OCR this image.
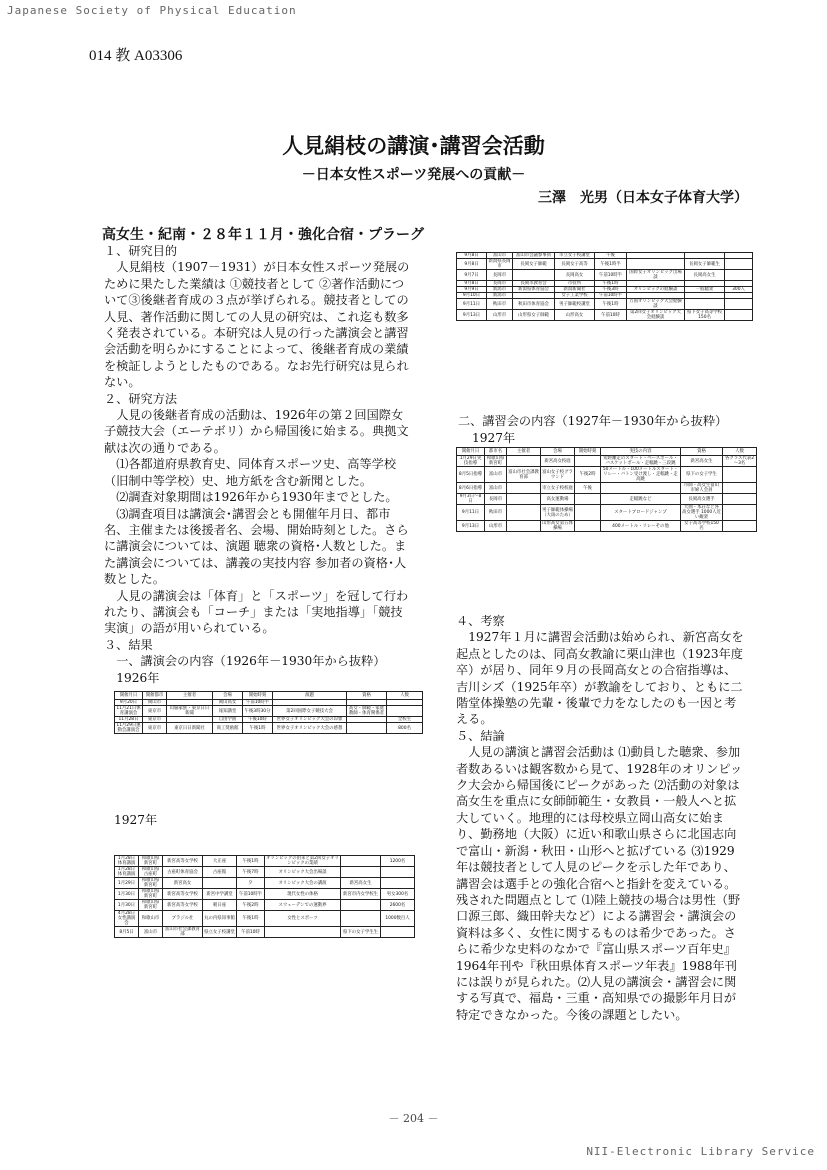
Japanese Society of Physical Education
014 教 A03306
人見絹枝の講演･講習会活動
－日本女性スポーツ発展への貢献－
三澤　光男（日本女子体育大学）
高女生・紀南・２８年１１月・強化合宿・プラーグ

１、研究目的

人見絹枝（1907－1931）が日本女性スポーツ発展のために果たした業績は ①競技者として ②著作活動について③後継者育成の３点が挙げられる。競技者としての人見、著作活動に関しての人見の研究は、これ迄も数多く発表されている。本研究は人見の行った講演会と講習会活動を明らかにすることによって、後継者育成の業績を検証しようとしたものである。なお先行研究は見られない。

２、研究方法

人見の後継者育成の活動は、1926年の第２回国際女子競技大会（エーテボリ）から帰国後に始まる。典拠文献は次の通りである。

⑴各都道府県教育史、同体育スポーツ史、高等学校（旧制中等学校）史、地方紙を含む新聞とした。

⑵調査対象期間は1926年から1930年までとした。

⑶調査項目は講演会･講習会とも開催年月日、都市名、主催または後援者名、会場、開始時刻とした。さらに講演会については、演題 聴衆の資格･人数とした。また講演会については、講義の実技内容 参加者の資格･人数とした。

人見の講演会は「体育」と「スポーツ」を冠して行われたり、講演会も「コーチ」または「実地指導」「競技実演」の語が用いられている。

３、結果

一、講演会の内容（1926年－1930年から抜粋）

1926年

開催月日	開催都市	主催者	会場	開始時刻	演題	資格	人数
9月20日	岡山市		岡山高女	午前10時半			
11月21日体育講演会	東京市	山脇家族・東京日日新聞	報知講堂	午後3時30分	第2回国際女子競技大会	高女・師範・家庭教師・体育関係者	
11月28日	東京市		自由学園	午後10時	世界女子オリンピック大会の印象		全校生
11月29日運動会講演会	東京市	東京日日新聞社	商工奨励館	午後1時	世界女子オリンピック大会の感想		800名
1927年
1月28日体育講演	和歌山県新宮町	新宮高等女学校	大正座	午後1時	オリンピックの由来と第2回女子オリンピックの業績		1200名
1月28日体育講演	和歌山県古座町	古座町体育協会	古座館	午後7時	オリンピック大会出場談		
1月29日	和歌山県新宮町	新宮高女		夕	オリンピック大会の講演	新宮高女生	
1月30日	和歌山県新宮町	新宮高等女学校	新宮中学講堂	午前10時半	現代女性の体格	新宮市内女学校生	男女300名
1月30日	和歌山県新宮町	新宮高等女学校	朝日座	午後2時	スウェーデンでの運動界		2600名
4月28日女性講演会	和歌山市	ブラジル社	丸の内県知事館	午後1時	女性とスポーツ		1000数百人
8月5日	富山市	富山市社会課教育部	県立女子校講堂	午前10時		県下の女子学生生	
9月8日	富山市	富山市会議参事員	市立女子校講堂	午後			
9月8日	新潟県長岡市	長岡女子師範	長岡女子高等	午後1時半		長岡女子師範生	
9月7日	長岡市		長岡高女	午前10時半	国際女子オリンピック出場談	長岡高女生	
9月8日	長岡市	長岡市教育会	市役所	午後1時			
9月9日	新潟市	新潟県体育協会	新潟新聞社	午後3時	オリンピックの経験談	一般聴衆	300人
9月10日	新潟市		女子工業学校	午前10時半			
9月11日	秋田市	秋田市体育協会	男子師範校講堂	午後1時	万国オリンピック大会経験談		
9月13日	山形市	山形県女子師範	山形高女	午前10時	第2回女子オリンピック大会経験談	県下女子高等学校150名	
二、講習会の内容（1927年－1930年から抜粋）
1927年
開催月日	都市名	主催者	会場	開始時刻	実技の内容	資格	人数
1月29日実技指導	和歌山県新宮町		新宮高女校庭		短距離走のスタート・ベースボール・バスケットボール・走幅跳・三段跳	新宮高女生	各クラス代表2～3名
8月5日指導	富山市	富山市社会課教育部	富山女子校グラウンド	午後2時	50メートル・100メートルスタート・リレー・バトン受け渡し・走幅跳・走高跳	県下の女子学生	
8月6日指導	富山市		市立女子校校庭	午後		市師・高女生富山市婦人会員	
9月3日～8日	長岡市		高女運動場		走幅跳など	長岡高女選手	
9月11日	秋田市		男子師範体操場（大雨のため）		スタートブロードジャンプ	大曲・本荘など各高女選手 1000人近い観衆	
9月13日	山形市		山形高女第五体操場		400メートル・リレーその他	女子高等学校150名	

４、考察

1927年１月に講習会活動は始められ、新宮高女を起点としたのは、同高女教諭に栗山津也（1923年度卒）が居り、同年９月の長岡高女との合宿指導は、吉川シズ（1925年卒）が教諭をしており、ともに二階堂体操塾の先輩・後輩で力をなしたのも一因と考える。

５、結論

人見の講演と講習会活動は ⑴動員した聴衆、参加者数あるいは観客数から見て、1928年のオリンピック大会から帰国後にピークがあった ⑵活動の対象は高女生を重点に女師師範生・女教員・一般人へと拡大していく。地理的には母校県立岡山高女に始まり、勤務地（大阪）に近い和歌山県さらに北国志向で富山・新潟・秋田・山形へと拡げている ⑶1929年は競技者として人見のピークを示した年であり、講習会は選手との強化合宿へと指針を変えている。残された問題点として ⑴陸上競技の場合は男性（野口源三郎、織田幹夫など）による講習会・講演会の資料は多く、女性に関するものは希少であった。さらに希少な史料のなかで『富山県スポーツ百年史』1964年刊や『秋田県体育スポーツ年表』1988年刊には誤りが見られた。⑵人見の講演会・講習会に関する写真で、福島・三重・高知県での撮影年月日が特定できなかった。今後の課題としたい。

－ 204 －
NII-Electronic Library Service
